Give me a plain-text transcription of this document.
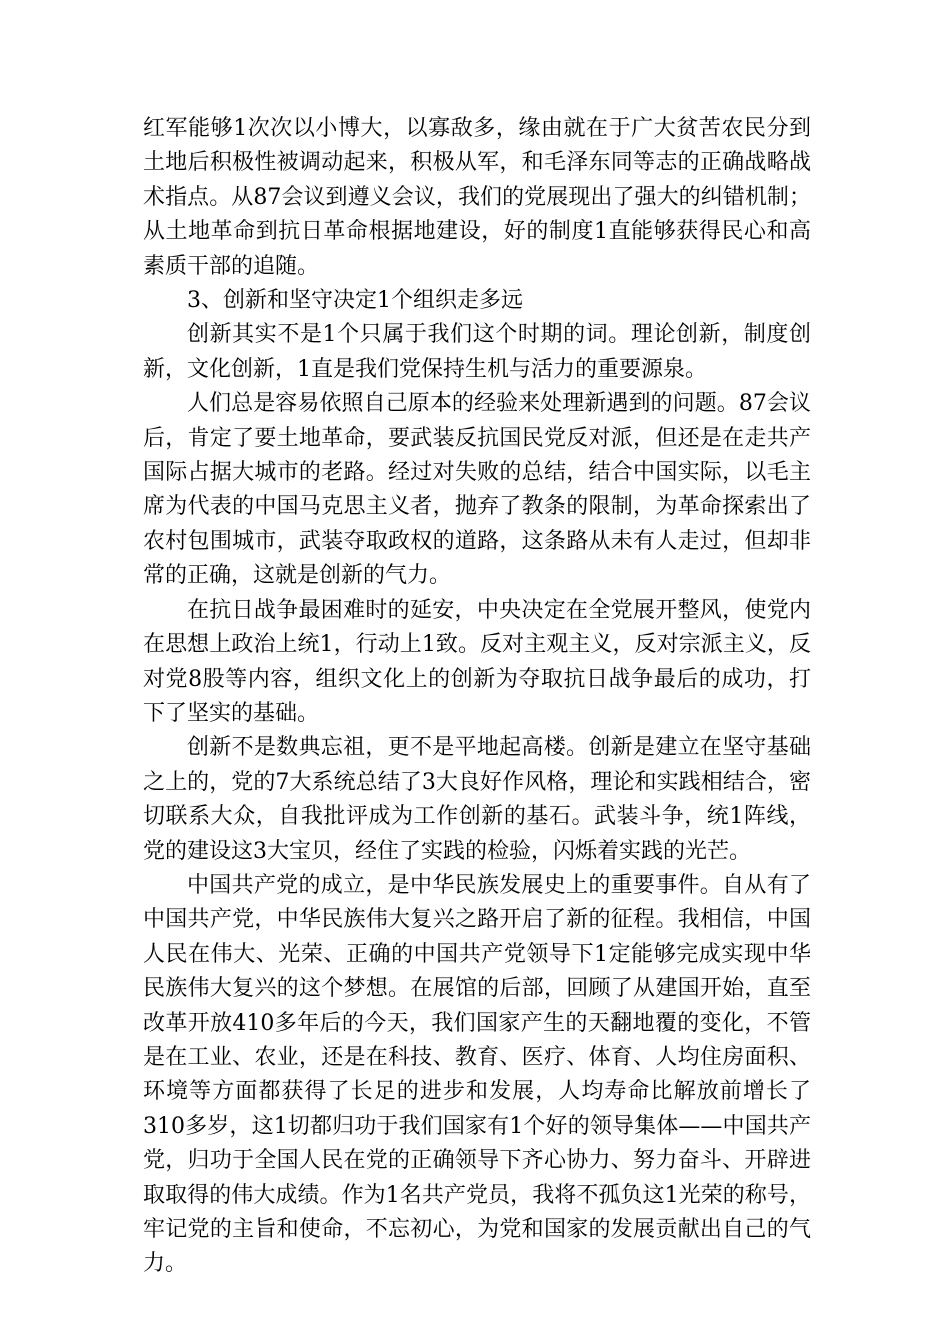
红军能够1次次以小博大，以寡敌多，缘由就在于广大贫苦农民分到土地后积极性被调动起来，积极从军，和毛泽东同等志的正确战略战术指点。从87会议到遵义会议，我们的党展现出了强大的纠错机制；从土地革命到抗日革命根据地建设，好的制度1直能够获得民心和高素质干部的追随。

3、创新和坚守决定1个组织走多远

创新其实不是1个只属于我们这个时期的词。理论创新，制度创新，文化创新，1直是我们党保持生机与活力的重要源泉。

人们总是容易依照自己原本的经验来处理新遇到的问题。87会议后，肯定了要土地革命，要武装反抗国民党反对派，但还是在走共产国际占据大城市的老路。经过对失败的总结，结合中国实际，以毛主席为代表的中国马克思主义者，抛弃了教条的限制，为革命探索出了农村包围城市，武装夺取政权的道路，这条路从未有人走过，但却非常的正确，这就是创新的气力。

在抗日战争最困难时的延安，中央决定在全党展开整风，使党内在思想上政治上统1，行动上1致。反对主观主义，反对宗派主义，反对党8股等内容，组织文化上的创新为夺取抗日战争最后的成功，打下了坚实的基础。

创新不是数典忘祖，更不是平地起高楼。创新是建立在坚守基础之上的，党的7大系统总结了3大良好作风格，理论和实践相结合，密切联系大众，自我批评成为工作创新的基石。武装斗争，统1阵线，党的建设这3大宝贝，经住了实践的检验，闪烁着实践的光芒。

中国共产党的成立，是中华民族发展史上的重要事件。自从有了中国共产党，中华民族伟大复兴之路开启了新的征程。我相信，中国人民在伟大、光荣、正确的中国共产党领导下1定能够完成实现中华民族伟大复兴的这个梦想。在展馆的后部，回顾了从建国开始，直至改革开放410多年后的今天，我们国家产生的天翻地覆的变化，不管是在工业、农业，还是在科技、教育、医疗、体育、人均住房面积、环境等方面都获得了长足的进步和发展，人均寿命比解放前增长了310多岁，这1切都归功于我们国家有1个好的领导集体——中国共产党，归功于全国人民在党的正确领导下齐心协力、努力奋斗、开辟进取取得的伟大成绩。作为1名共产党员，我将不孤负这1光荣的称号，牢记党的主旨和使命，不忘初心，为党和国家的发展贡献出自己的气力。
